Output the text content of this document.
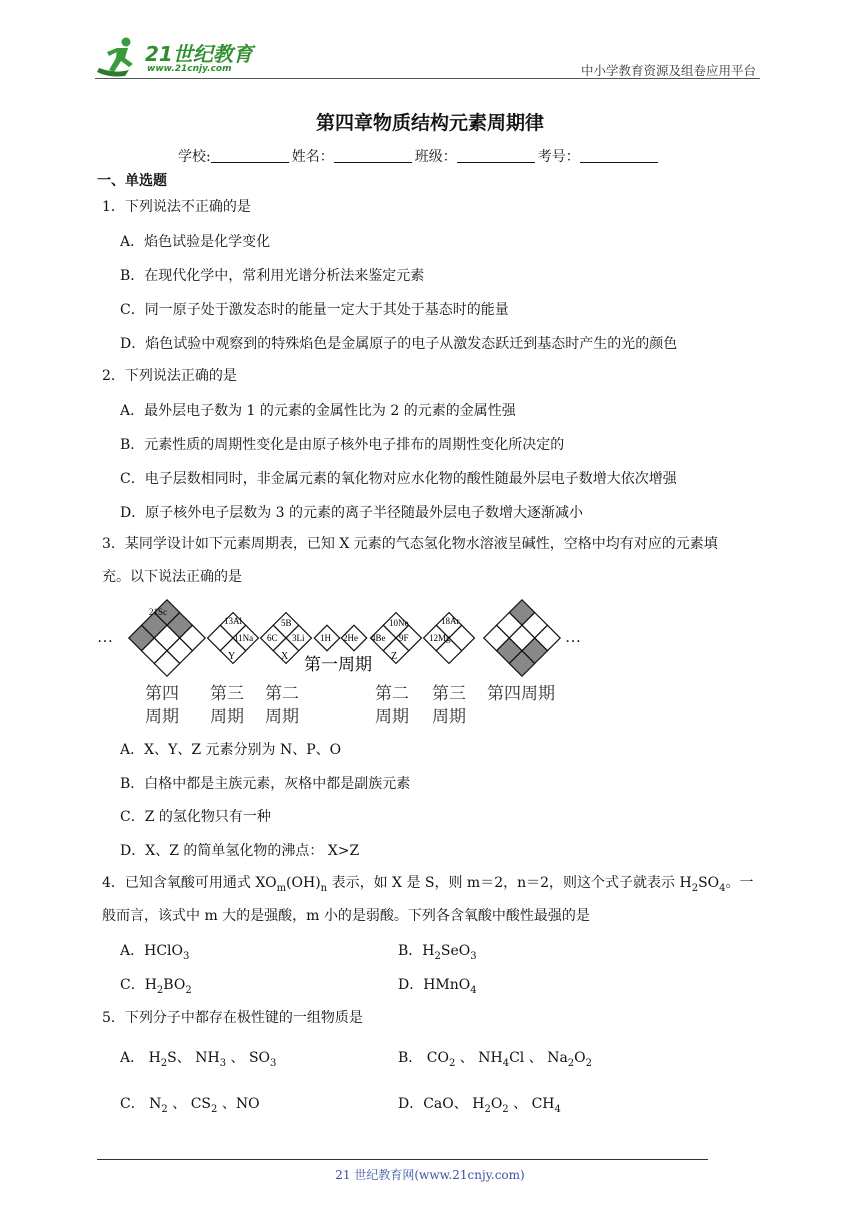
21世纪教育
www.21cnjy.com	中小学教育资源及组卷应用平台
第四章物质结构元素周期律
学校:	姓名：	班级：	考号：
一、单选题
1．下列说法不正确的是
A．焰色试验是化学变化
B．在现代化学中，常利用光谱分析法来鉴定元素
C．同一原子处于激发态时的能量一定大于其处于基态时的能量
D．焰色试验中观察到的特殊焰色是金属原子的电子从激发态跃迁到基态时产生的光的颜色
2．下列说法正确的是
A．最外层电子数为 1 的元素的金属性比为 2 的元素的金属性强
B．元素性质的周期性变化是由原子核外电子排布的周期性变化所决定的
C．电子层数相同时，非金属元素的氧化物对应水化物的酸性随最外层电子数增大依次增强
D．原子核外电子层数为 3 的元素的离子半径随最外层电子数增大逐渐减小
3．某同学设计如下元素周期表，已知 X 元素的气态氢化物水溶液呈碱性，空格中均有对应的元素填
充。以下说法正确的是
…
21Sc
13Al
11Na
Y
5B
6C 3Li
X
1H 2He
第一周期
4Be
10Ne
9F
Z
18Ar
12Mg	…
第四
周期
第三
周期
第二
周期
第二
周期
第三
周期
第四周期
A．X、Y、Z 元素分别为 N、P、O
B．白格中都是主族元素，灰格中都是副族元素
C．Z 的氢化物只有一种
D．X、Z 的简单氢化物的沸点： X>Z
4．已知含氧酸可用通式 $XO_m(OH)_n$ 表示，如 X 是 S，则 m＝2，n＝2，则这个式子就表示 $H_2SO_4$。一
般而言，该式中 m 大的是强酸，m 小的是弱酸。下列各含氧酸中酸性最强的是
A．HClO$_3$	B．$H_2SeO_3$
C．$H_2BO_2$	D．HMnO$_4$
5．下列分子中都存在极性键的一组物质是
A． $H_2S$、 $NH_3$ 、 $SO_3$	B． $CO_2$ 、 $NH_4Cl$ 、 $Na_2O_2$
C． $N_2$ 、 $CS_2$ 、NO	D．CaO、 $H_2O_2$ 、 $CH_4$
21 世纪教育网(www.21cnjy.com)
